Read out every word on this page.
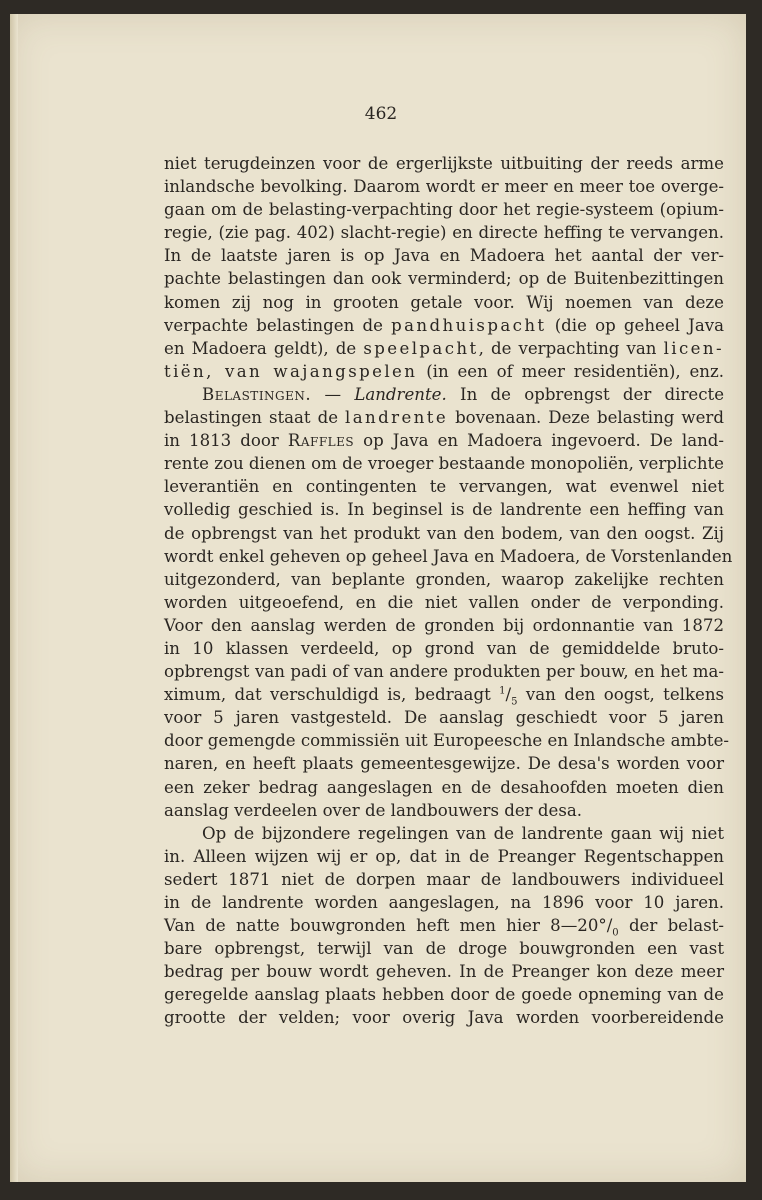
462
niet terugdeinzen voor de ergerlijkste uitbuiting der reeds arme
inlandsche bevolking. Daarom wordt er meer en meer toe overge-
gaan om de belasting-verpachting door het regie-systeem (opium-
regie, (zie pag. 402) slacht-regie) en directe heffing te vervangen.
In de laatste jaren is op Java en Madoera het aantal der ver-
pachte belastingen dan ook verminderd; op de Buitenbezittingen
komen zij nog in grooten getale voor. Wij noemen van deze
verpachte belastingen de pandhuispacht (die op geheel Java
en Madoera geldt), de speelpacht, de verpachting van licen-
tiën, van wajangspelen (in een of meer residentiën), enz.
Belastingen. — Landrente. In de opbrengst der directe
belastingen staat de landrente bovenaan. Deze belasting werd
in 1813 door Raffles op Java en Madoera ingevoerd. De land-
rente zou dienen om de vroeger bestaande monopoliën, verplichte
leverantiën en contingenten te vervangen, wat evenwel niet
volledig geschied is. In beginsel is de landrente een heffing van
de opbrengst van het produkt van den bodem, van den oogst. Zij
wordt enkel geheven op geheel Java en Madoera, de Vorstenlanden
uitgezonderd, van beplante gronden, waarop zakelijke rechten
worden uitgeoefend, en die niet vallen onder de verponding.
Voor den aanslag werden de gronden bij ordonnantie van 1872
in 10 klassen verdeeld, op grond van de gemiddelde bruto-
opbrengst van padi of van andere produkten per bouw, en het ma-
ximum, dat verschuldigd is, bedraagt $^1/_5$ van den oogst, telkens
voor 5 jaren vastgesteld. De aanslag geschiedt voor 5 jaren
door gemengde commissiën uit Europeesche en Inlandsche ambte-
naren, en heeft plaats gemeentesgewijze. De desa's worden voor
een zeker bedrag aangeslagen en de desahoofden moeten dien
aanslag verdeelen over de landbouwers der desa.
Op de bijzondere regelingen van de landrente gaan wij niet
in. Alleen wijzen wij er op, dat in de Preanger Regentschappen
sedert 1871 niet de dorpen maar de landbouwers individueel
in de landrente worden aangeslagen, na 1896 voor 10 jaren.
Van de natte bouwgronden heft men hier $8—20^\circ/_0$ der belast-
bare opbrengst, terwijl van de droge bouwgronden een vast
bedrag per bouw wordt geheven. In de Preanger kon deze meer
geregelde aanslag plaats hebben door de goede opneming van de
grootte der velden; voor overig Java worden voorbereidende
